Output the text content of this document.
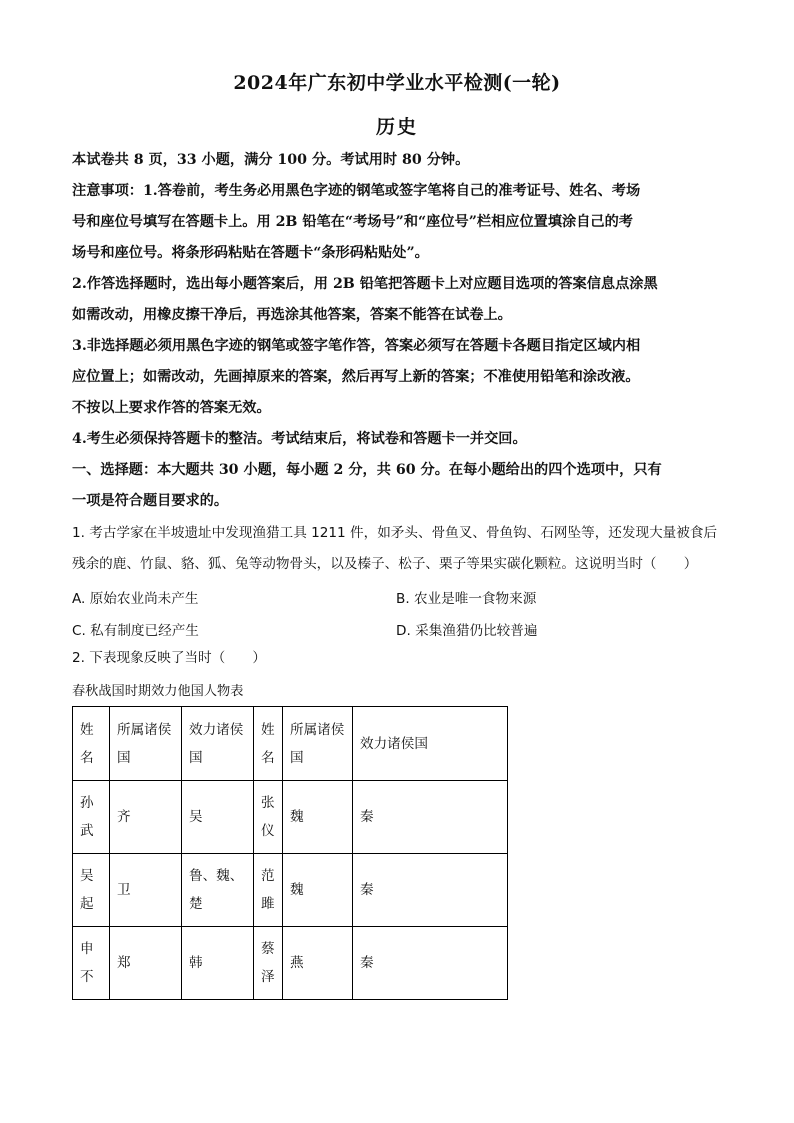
2024年广东初中学业水平检测(一轮)
历史
本试卷共 8 页，33 小题，满分 100 分。考试用时 80 分钟。
注意事项：1.答卷前，考生务必用黑色字迹的钢笔或签字笔将自己的准考证号、姓名、考场
号和座位号填写在答题卡上。用 2B 铅笔在“考场号”和“座位号”栏相应位置填涂自己的考
场号和座位号。将条形码粘贴在答题卡“条形码粘贴处”。
2.作答选择题时，选出每小题答案后，用 2B 铅笔把答题卡上对应题目选项的答案信息点涂黑
如需改动，用橡皮擦干净后，再选涂其他答案，答案不能答在试卷上。
3.非选择题必须用黑色字迹的钢笔或签字笔作答，答案必须写在答题卡各题目指定区域内相
应位置上；如需改动，先画掉原来的答案，然后再写上新的答案；不准使用铅笔和涂改液。
不按以上要求作答的答案无效。
4.考生必须保持答题卡的整洁。考试结束后，将试卷和答题卡一并交回。
一、选择题：本大题共 30 小题，每小题 2 分，共 60 分。在每小题给出的四个选项中，只有
一项是符合题目要求的。
1. 考古学家在半坡遗址中发现渔猎工具 1211 件，如矛头、骨鱼叉、骨鱼钩、石网坠等，还发现大量被食后
残余的鹿、竹鼠、貉、狐、兔等动物骨头，以及榛子、松子、栗子等果实碳化颗粒。这说明当时（　　）
A. 原始农业尚未产生	B. 农业是唯一食物来源
C. 私有制度已经产生	D. 采集渔猎仍比较普遍
2. 下表现象反映了当时（　　）
春秋战国时期效力他国人物表
姓名	所属诸侯国	效力诸侯国	姓名	所属诸侯国	效力诸侯国
孙武	齐	吴	张仪	魏	秦
吴起	卫	鲁、魏、楚	范雎	魏	秦
申不	郑	韩	蔡泽	燕	秦
